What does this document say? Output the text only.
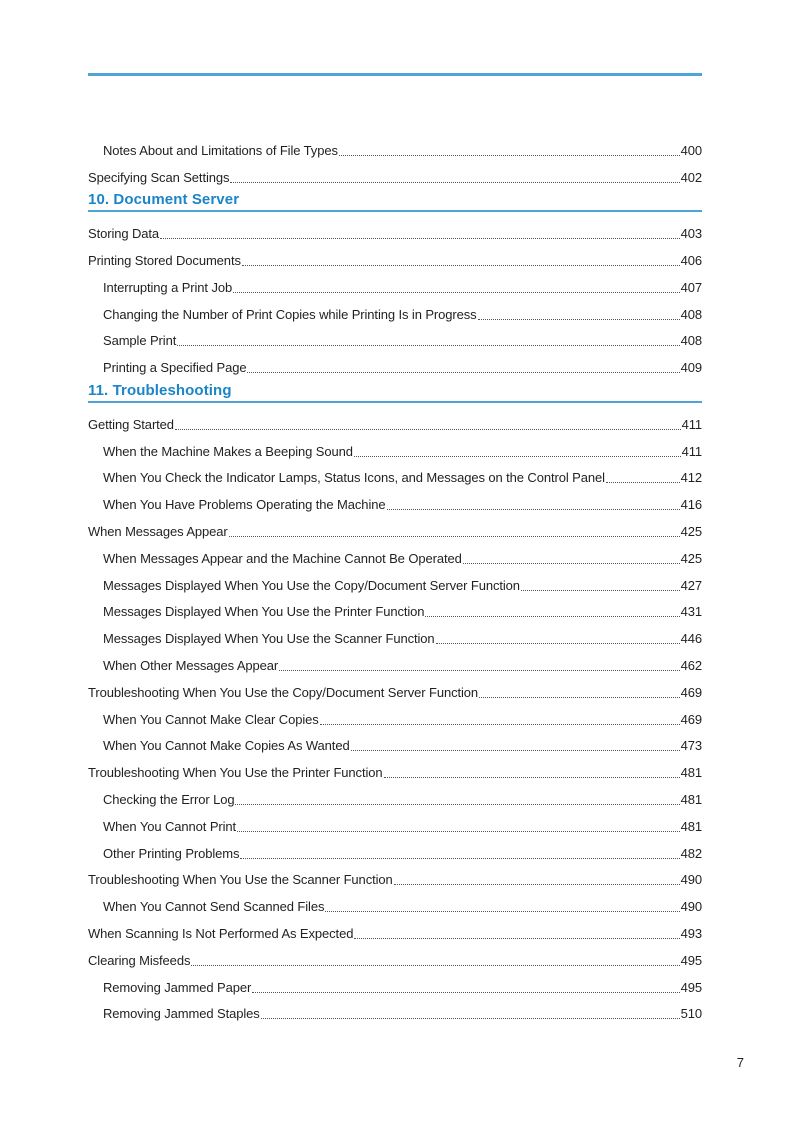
Notes About and Limitations of File Types	400
Specifying Scan Settings	402
10. Document Server
Storing Data	403
Printing Stored Documents	406
Interrupting a Print Job	407
Changing the Number of Print Copies while Printing Is in Progress	408
Sample Print	408
Printing a Specified Page	409
11. Troubleshooting
Getting Started	411
When the Machine Makes a Beeping Sound	411
When You Check the Indicator Lamps, Status Icons, and Messages on the Control Panel	412
When You Have Problems Operating the Machine	416
When Messages Appear	425
When Messages Appear and the Machine Cannot Be Operated	425
Messages Displayed When You Use the Copy/Document Server Function	427
Messages Displayed When You Use the Printer Function	431
Messages Displayed When You Use the Scanner Function	446
When Other Messages Appear	462
Troubleshooting When You Use the Copy/Document Server Function	469
When You Cannot Make Clear Copies	469
When You Cannot Make Copies As Wanted	473
Troubleshooting When You Use the Printer Function	481
Checking the Error Log	481
When You Cannot Print	481
Other Printing Problems	482
Troubleshooting When You Use the Scanner Function	490
When You Cannot Send Scanned Files	490
When Scanning Is Not Performed As Expected	493
Clearing Misfeeds	495
Removing Jammed Paper	495
Removing Jammed Staples	510
7
